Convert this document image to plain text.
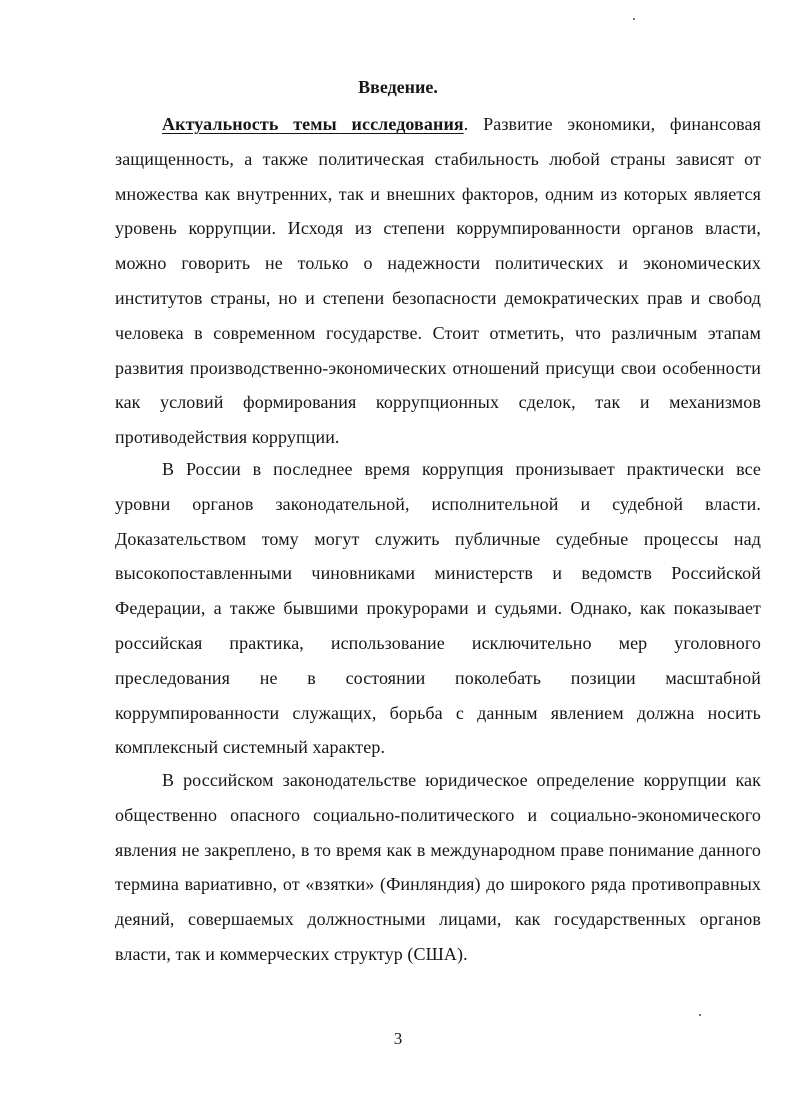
Введение.

Актуальность темы исследования. Развитие экономики, финансовая защищенность, а также политическая стабильность любой страны зависят от множества как внутренних, так и внешних факторов, одним из которых является уровень коррупции. Исходя из степени коррумпированности органов власти, можно говорить не только о надежности политических и экономических институтов страны, но и степени безопасности демократических прав и свобод человека в современном государстве. Стоит отметить, что различным этапам развития производственно-экономических отношений присущи свои особенности как условий формирования коррупционных сделок, так и механизмов противодействия коррупции.

В России в последнее время коррупция пронизывает практически все уровни органов законодательной, исполнительной и судебной власти. Доказательством тому могут служить публичные судебные процессы над высокопоставленными чиновниками министерств и ведомств Российской Федерации, а также бывшими прокурорами и судьями. Однако, как показывает российская практика, использование исключительно мер уголовного преследования не в состоянии поколебать позиции масштабной коррумпированности служащих, борьба с данным явлением должна носить комплексный системный характер.

В российском законодательстве юридическое определение коррупции как общественно опасного социально-политического и социально-экономического явления не закреплено, в то время как в международном праве понимание данного термина вариативно, от «взятки» (Финляндия) до широкого ряда противоправных деяний, совершаемых должностными лицами, как государственных органов власти, так и коммерческих структур (США).

3
